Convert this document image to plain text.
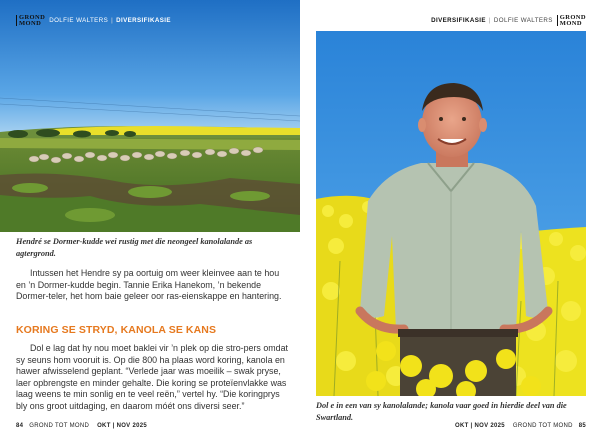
GROND
MOND	DOLFIE WALTERS | DIVERSIFIKASIE
Hendré se Dormer-kudde wei rustig met die neongeel kanolalande as agtergrond.
Intussen het Hendre sy pa oortuig om weer kleinvee aan te hou en ’n Dormer-kudde begin. Tannie Erika Hanekom, ’n bekende Dormer-teler, het hom baie geleer oor ras-eienskappe en hantering.
KORING SE STRYD, KANOLA SE KANS
Dol e lag dat hy nou moet baklei vir ’n plek op die stro-pers omdat sy seuns hom vooruit is. Op die 800 ha plaas word koring, kanola en hawer afwisselend geplant. “Verlede jaar was moeilik – swak pryse, laer opbrengste en minder gehalte. Die koring se proteïenvlakke was laag weens te min sonlig en te veel reën,” vertel hy. “Die koringprys bly ons groot uitdaging, en daarom móét ons diversi seer.”
84 GROND TOT MOND OKT | NOV 2025
DIVERSIFIKASIE | DOLFIE WALTERS GROND
MOND
Dol e in een van sy kanolalande; kanola vaar goed in hierdie deel van die Swartland.
OKT | NOV 2025 GROND TOT MOND 85
